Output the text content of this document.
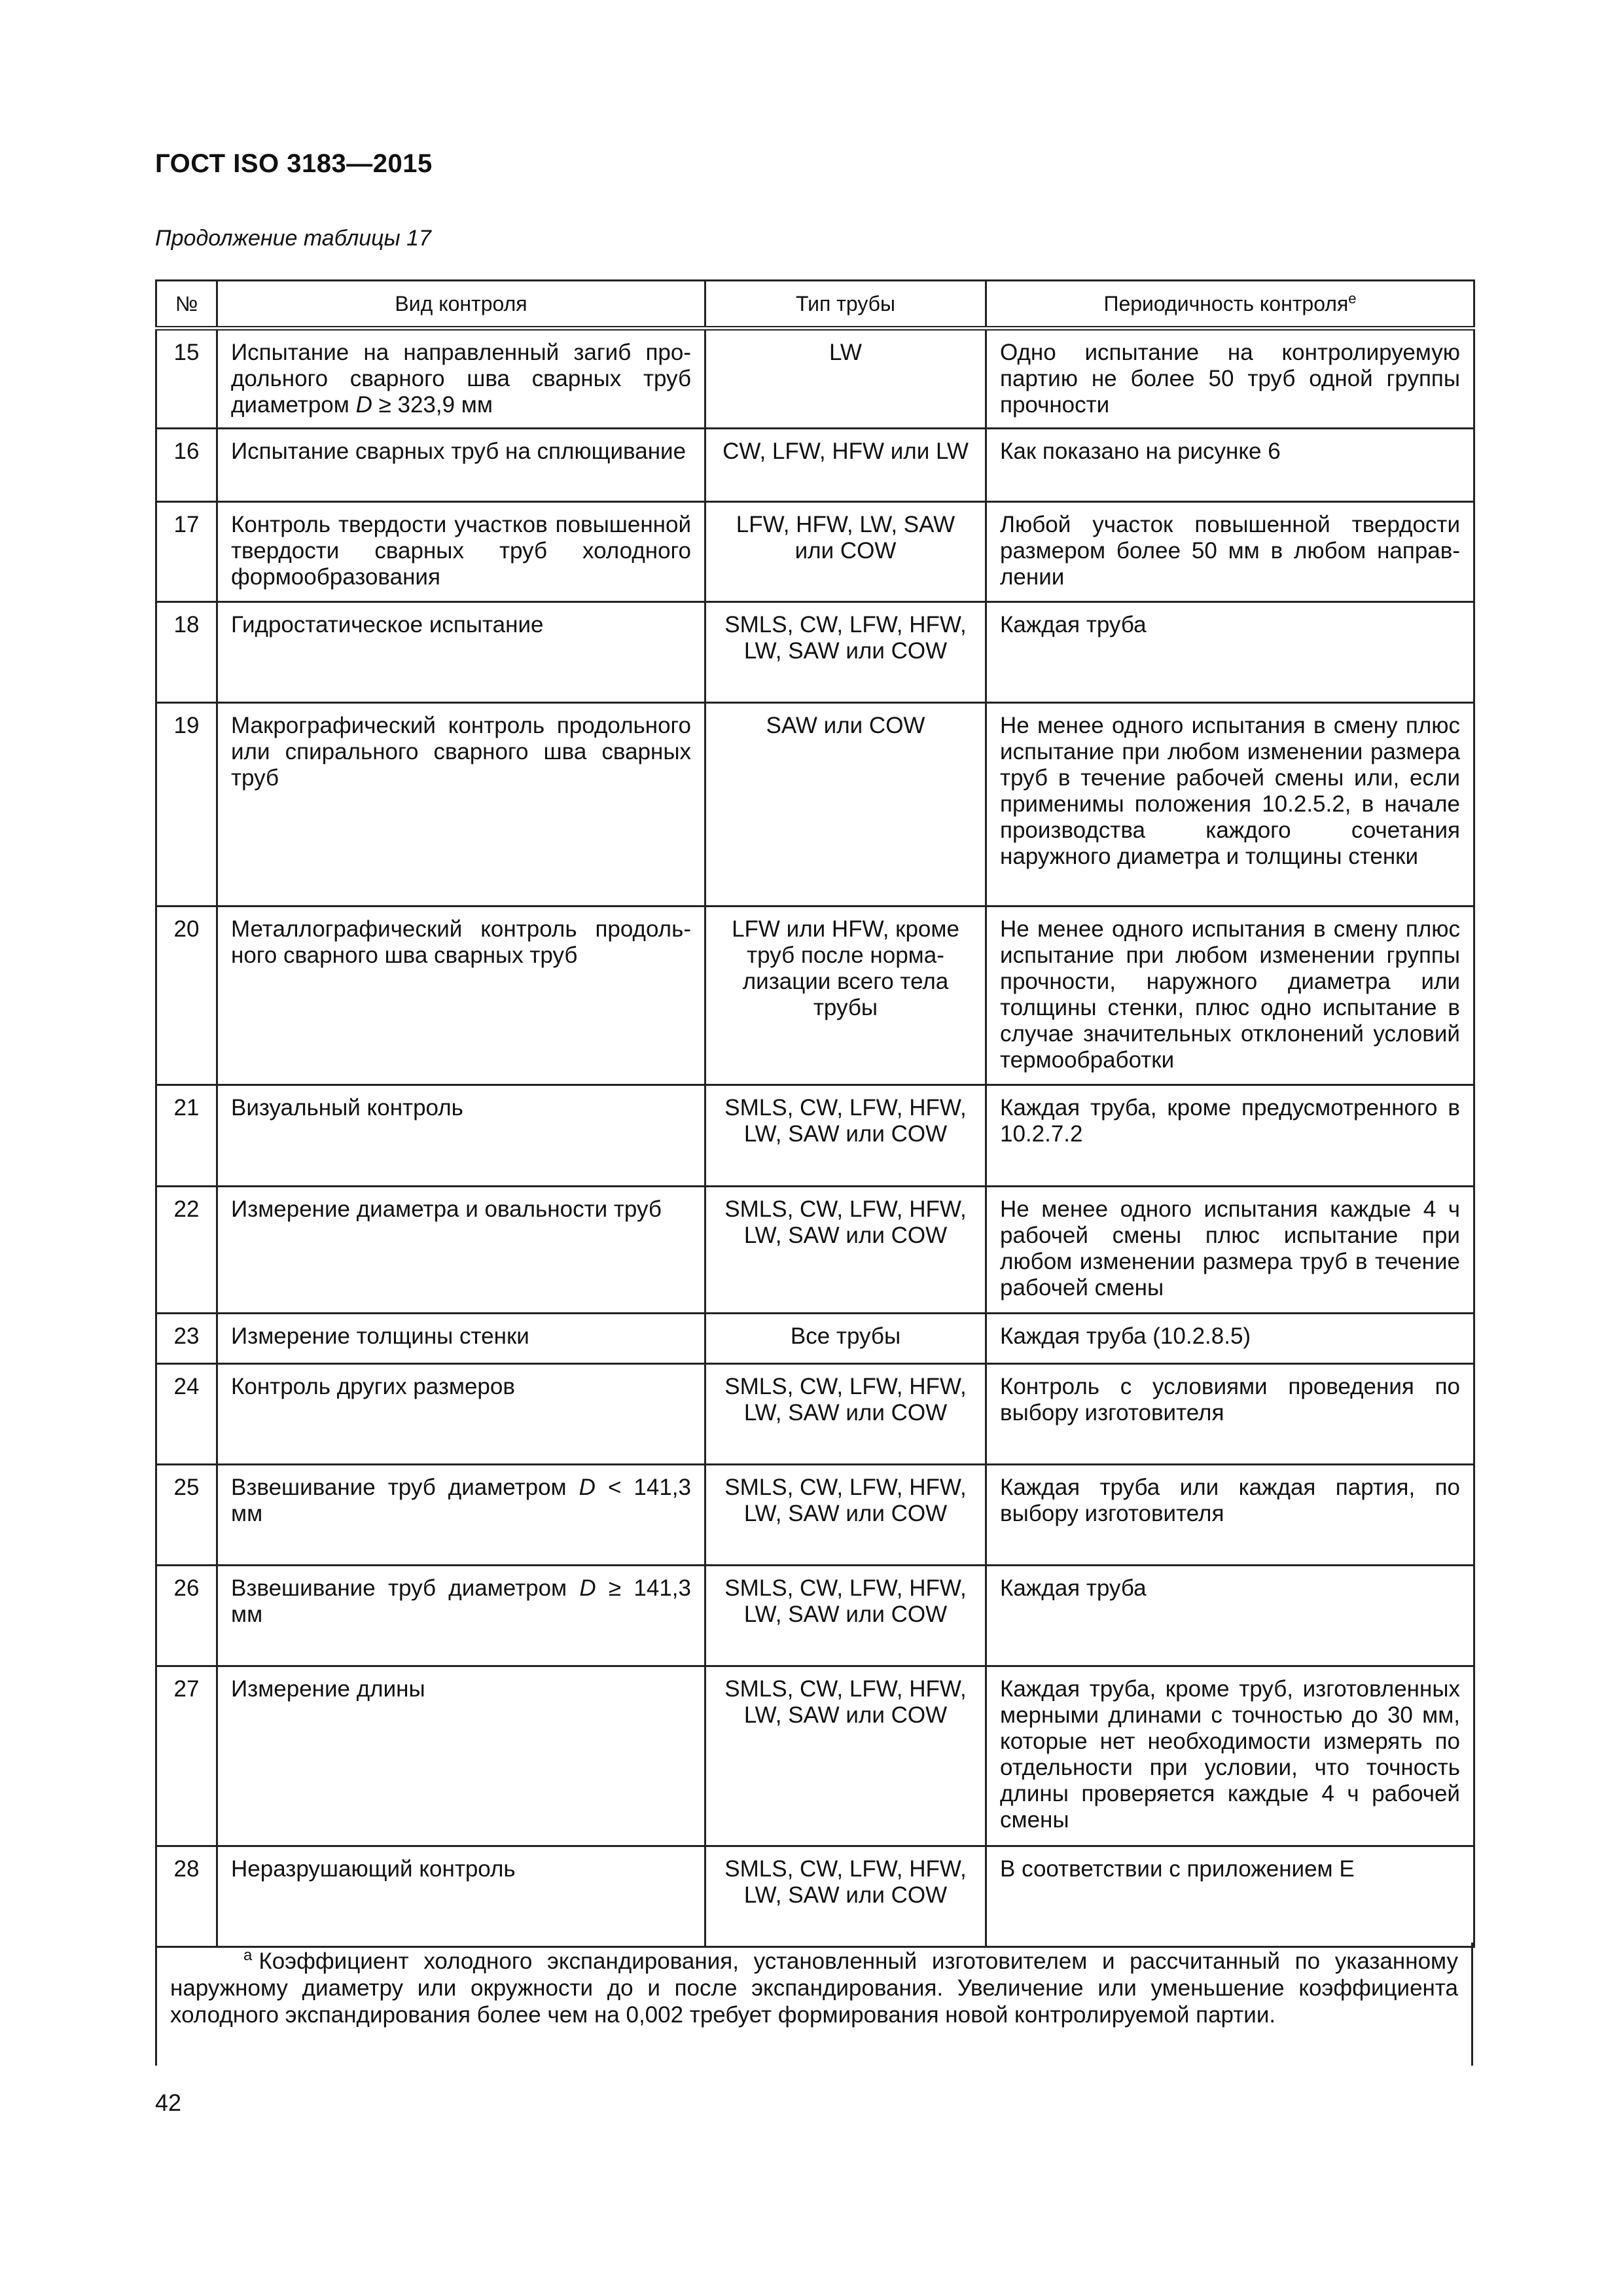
ГОСТ ISO 3183—2015
Продолжение таблицы 17
№	Вид контроля	Тип трубы	Периодичность контроля$^е$
15	Испытание на направленный загиб продольного сварного шва сварных труб диаметром D ≥ 323,9 мм	LW	Одно испытание на контролируемую партию не более 50 труб одной группы прочности
16	Испытание сварных труб на сплющивание	CW, LFW, HFW или LW	Как показано на рисунке 6
17	Контроль твердости участков повышенной твердости сварных труб холодного формообразования	LFW, HFW, LW, SAW или COW	Любой участок повышенной твердости размером более 50 мм в любом направлении
18	Гидростатическое испытание	SMLS, CW, LFW, HFW, LW, SAW или COW	Каждая труба
19	Макрографический контроль продольного или спирального сварного шва сварных труб	SAW или COW	Не менее одного испытания в смену плюс испытание при любом изменении размера труб в течение рабочей смены или, если применимы положения 10.2.5.2, в начале производства каждого сочетания наружного диаметра и толщины стенки
20	Металлографический контроль продольного сварного шва сварных труб	LFW или HFW, кроме труб после нормализации всего тела трубы	Не менее одного испытания в смену плюс испытание при любом изменении группы прочности, наружного диаметра или толщины стенки, плюс одно испытание в случае значительных отклонений условий термообработки
21	Визуальный контроль	SMLS, CW, LFW, HFW, LW, SAW или COW	Каждая труба, кроме предусмотренного в 10.2.7.2
22	Измерение диаметра и овальности труб	SMLS, CW, LFW, HFW, LW, SAW или COW	Не менее одного испытания каждые 4 ч рабочей смены плюс испытание при любом изменении размера труб в течение рабочей смены
23	Измерение толщины стенки	Все трубы	Каждая труба (10.2.8.5)
24	Контроль других размеров	SMLS, CW, LFW, HFW, LW, SAW или COW	Контроль с условиями проведения по выбору изготовителя
25	Взвешивание труб диаметром D < 141,3 мм	SMLS, CW, LFW, HFW, LW, SAW или COW	Каждая труба или каждая партия, по выбору изготовителя
26	Взвешивание труб диаметром D ≥ 141,3 мм	SMLS, CW, LFW, HFW, LW, SAW или COW	Каждая труба
27	Измерение длины	SMLS, CW, LFW, HFW, LW, SAW или COW	Каждая труба, кроме труб, изготовленных мерными длинами с точностью до 30 мм, которые нет необходимости измерять по отдельности при условии, что точность длины проверяется каждые 4 ч рабочей смены
28	Неразрушающий контроль	SMLS, CW, LFW, HFW, LW, SAW или COW	В соответствии с приложением E
$^a$ Коэффициент холодного экспандирования, установленный изготовителем и рассчитанный по указанному наружному диаметру или окружности до и после экспандирования. Увеличение или уменьшение коэффициента холодного экспандирования более чем на 0,002 требует формирования новой контролируемой партии.
42
